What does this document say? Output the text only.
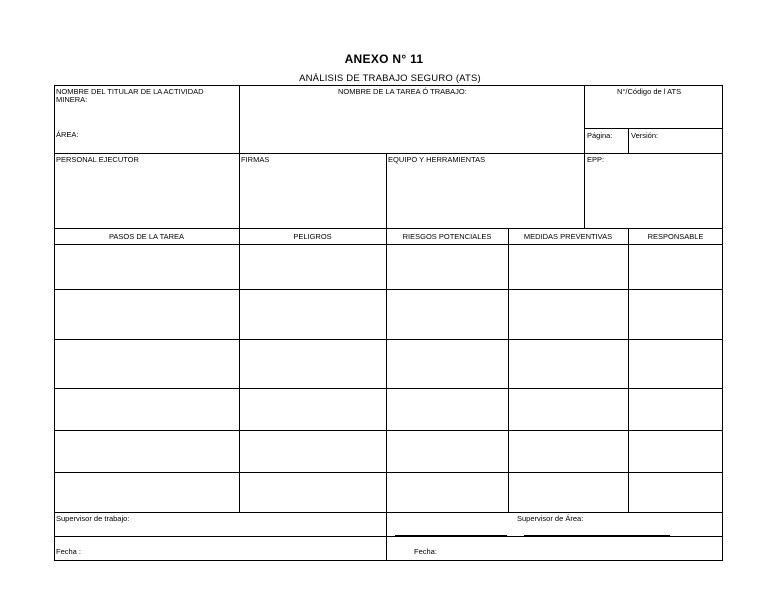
ANEXO N° 11
ANÁLISIS DE TRABAJO SEGURO (ATS)
NOMBRE DEL TITULAR DE LA ACTIVIDAD
MINERA:
ÁREA:
NOMBRE DE LA TAREA Ó TRABAJO:	N°/Código de l ATS
Página: Versión:
PERSONAL EJECUTOR	FIRMAS	EQUIPO Y HERRAMIENTAS	EPP:
PASOS DE LA TAREA	PELIGROS	RIESGOS POTENCIALES	MEDIDAS PREVENTIVAS	RESPONSABLE
Supervisor de trabajo:	Supervisor de Área:
Fecha :	Fecha:
